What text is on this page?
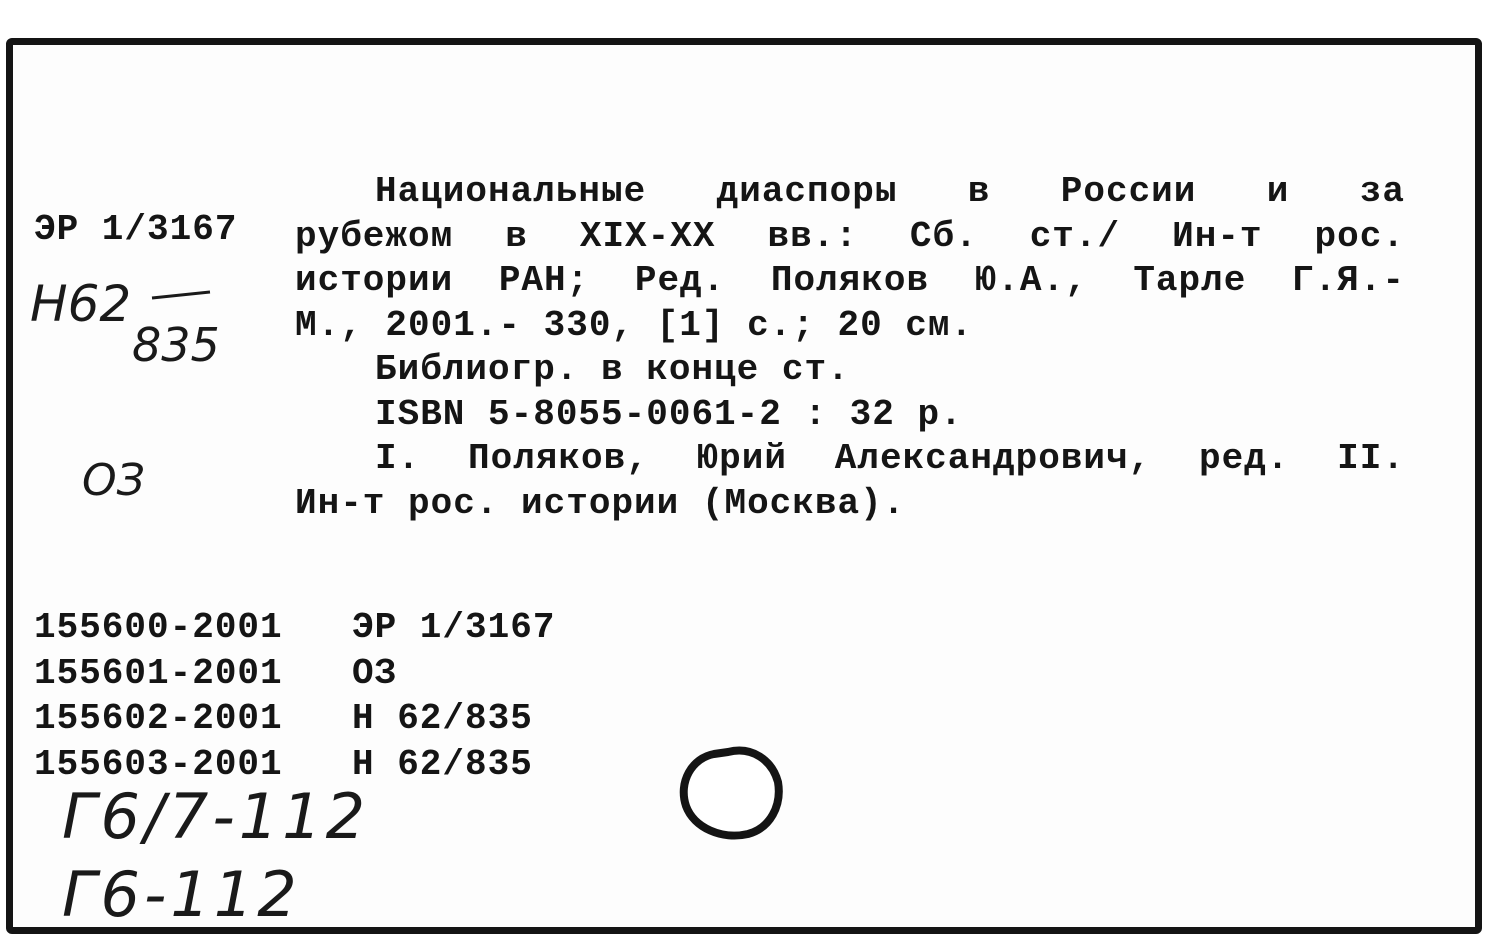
ЭР 1/3167
Н62
835
ОЗ
Национальные диаспоры в России и за
рубежом в XIX-XX вв.: Сб. ст./ Ин-т рос.
истории РАН; Ред. Поляков Ю.А., Тарле Г.Я.-
М., 2001.- 330, [1] с.; 20 см.
Библиогр. в конце ст.
ISBN 5-8055-0061-2 : 32 р.
I. Поляков, Юрий Александрович, ред. II.
Ин-т рос. истории (Москва).
155600-2001	ЭР 1/3167
155601-2001	ОЗ
155602-2001	Н 62/835
155603-2001	Н 62/835
Г6/7-112
Г6-112
